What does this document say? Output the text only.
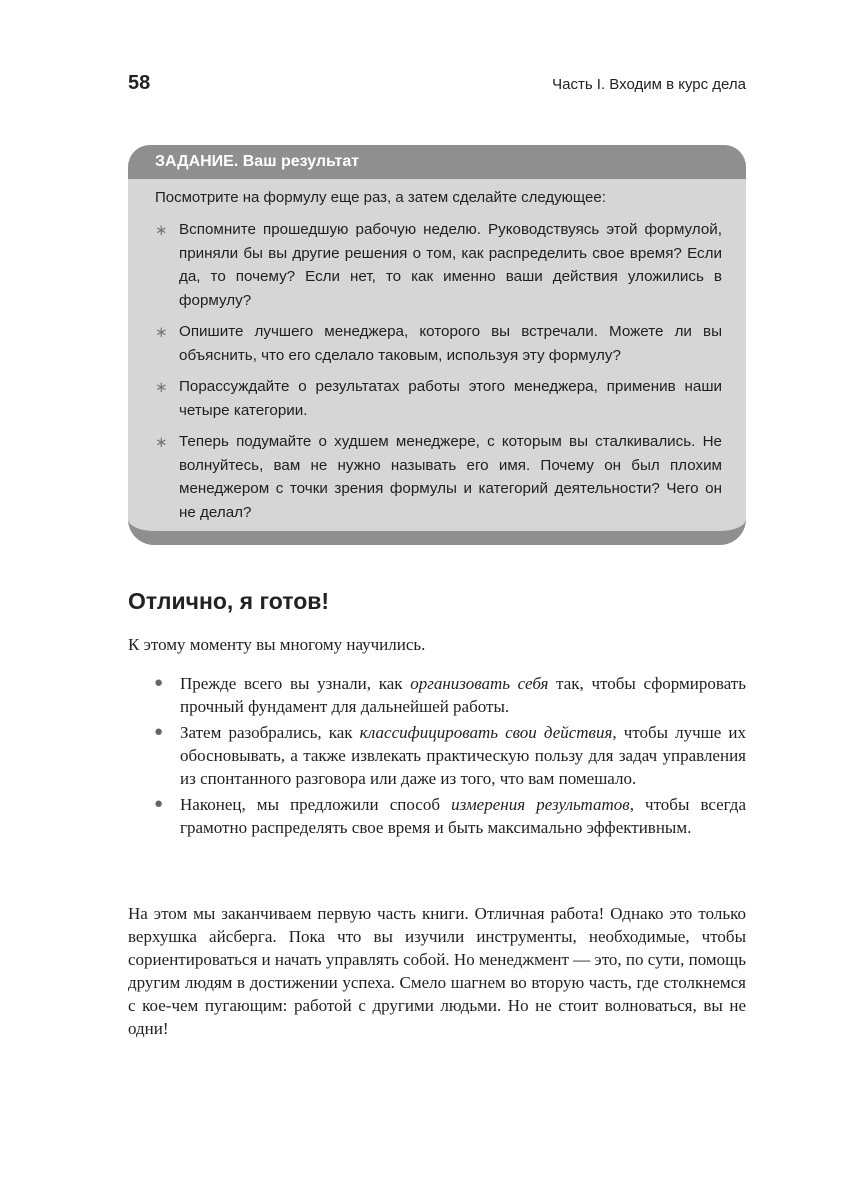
58	Часть I. Входим в курс дела
ЗАДАНИЕ. Ваш результат
Посмотрите на формулу еще раз, а затем сделайте следующее:
∗ Вспомните прошедшую рабочую неделю. Руководствуясь этой формулой, приняли бы вы другие решения о том, как распределить свое время? Если да, то почему? Если нет, то как именно ваши действия уложились в формулу?
∗ Опишите лучшего менеджера, которого вы встречали. Можете ли вы объяснить, что его сделало таковым, используя эту формулу?
∗ Порассуждайте о результатах работы этого менеджера, применив наши четыре категории.
∗ Теперь подумайте о худшем менеджере, с которым вы сталкивались. Не волнуйтесь, вам не нужно называть его имя. Почему он был плохим менеджером с точки зрения формулы и категорий деятельности? Чего он не делал?
Отлично, я готов!

К этому моменту вы многому научились.

● Прежде всего вы узнали, как организовать себя так, чтобы сформировать прочный фундамент для дальнейшей работы.
● Затем разобрались, как классифицировать свои действия, чтобы лучше их обосновывать, а также извлекать практическую пользу для задач управления из спонтанного разговора или даже из того, что вам помешало.
● Наконец, мы предложили способ измерения результатов, чтобы всегда грамотно распределять свое время и быть максимально эффективным.

На этом мы заканчиваем первую часть книги. Отличная работа! Однако это только верхушка айсберга. Пока что вы изучили инструменты, необходимые, чтобы сориентироваться и начать управлять собой. Но менеджмент — это, по сути, помощь другим людям в достижении успеха. Смело шагнем во вторую часть, где столкнемся с кое-чем пугающим: работой с другими людьми. Но не стоит волноваться, вы не одни!
